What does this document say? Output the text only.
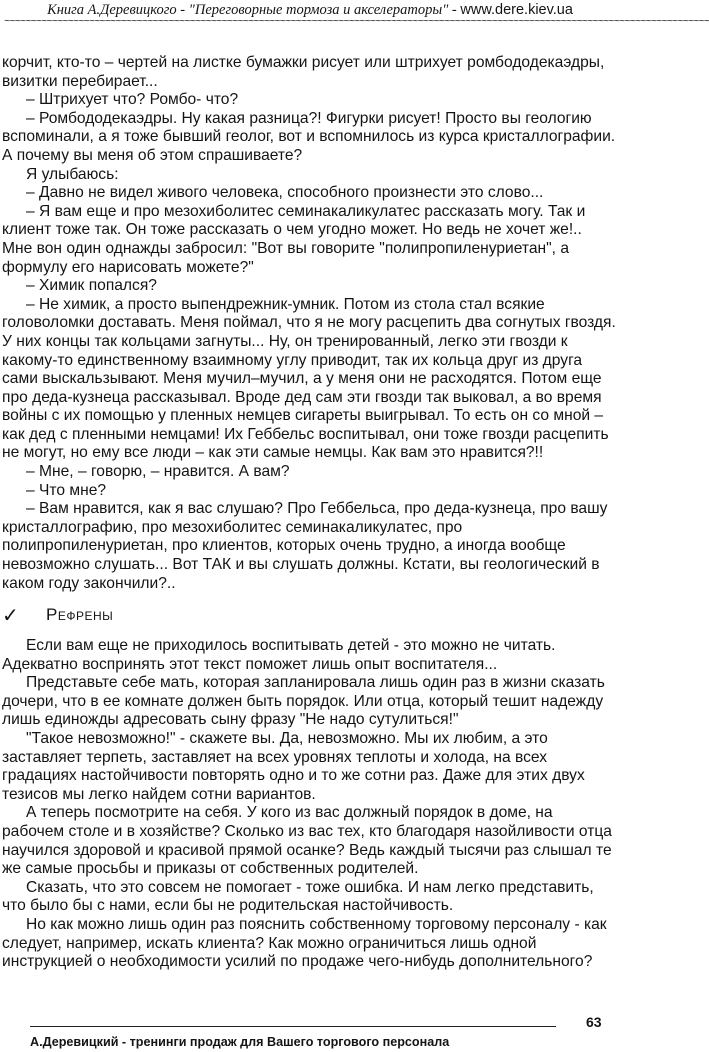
Книга А.Деревицкого - "Переговорные тормоза и акселераторы" - www.dere.kiev.ua
~~~~~~~~~~~~~~~~~~~~~~~~~~~~~~~~~~~~~~~~~~~~~~~~~~~~~~~~~~~~~~~~~~~~~~~~~~~~~~~~~~~~~~~~~~~~~~~~~~~~~~~~~~~~~~~~~~~~~~~~~~~~~~~~~~~~~

корчит, кто-то – чертей на листке бумажки рисует или штрихует ромбододекаэдры, визитки перебирает...

– Штрихует что? Ромбо- что?

– Ромбододекаэдры. Ну какая разница?! Фигурки рисует! Просто вы геологию вспоминали, а я тоже бывший геолог, вот и вспомнилось из курса кристаллографии. А почему вы меня об этом спрашиваете?

Я улыбаюсь:

– Давно не видел живого человека, способного произнести это слово...

– Я вам еще и про мезохиболитес семинакаликулатес рассказать могу. Так и клиент тоже так. Он тоже рассказать о чем угодно может. Но ведь не хочет же!.. Мне вон один однажды забросил: "Вот вы говорите "полипропиленуриетан", а формулу его нарисовать можете?"

– Химик попался?

– Не химик, а просто выпендрежник-умник. Потом из стола стал всякие головоломки доставать. Меня поймал, что я не могу расцепить два согнутых гвоздя. У них концы так кольцами загнуты... Ну, он тренированный, легко эти гвозди к какому-то единственному взаимному углу приводит, так их кольца друг из друга сами выскальзывают. Меня мучил–мучил, а у меня они не расходятся. Потом еще про деда-кузнеца рассказывал. Вроде дед сам эти гвозди так выковал, а во время войны с их помощью у пленных немцев сигареты выигрывал. То есть он со мной – как дед с пленными немцами! Их Геббельс воспитывал, они тоже гвозди расцепить не могут, но ему все люди – как эти самые немцы. Как вам это нравится?!!

– Мне, – говорю, – нравится. А вам?

– Что мне?

– Вам нравится, как я вас слушаю? Про Геббельса, про деда-кузнеца, про вашу кристаллографию, про мезохиболитес семинакаликулатес, про полипропиленуриетан, про клиентов, которых очень трудно, а иногда вообще невозможно слушать... Вот ТАК и вы слушать должны. Кстати, вы геологический в каком году закончили?..

✓	Рефрены

Если вам еще не приходилось воспитывать детей - это можно не читать. Адекватно воспринять этот текст поможет лишь опыт воспитателя...

Представьте себе мать, которая запланировала лишь один раз в жизни сказать дочери, что в ее комнате должен быть порядок. Или отца, который тешит надежду лишь единожды адресовать сыну фразу "Не надо сутулиться!"

"Такое невозможно!" - скажете вы. Да, невозможно. Мы их любим, а это заставляет терпеть, заставляет на всех уровнях теплоты и холода, на всех градациях настойчивости повторять одно и то же сотни раз. Даже для этих двух тезисов мы легко найдем сотни вариантов.

А теперь посмотрите на себя. У кого из вас должный порядок в доме, на рабочем столе и в хозяйстве? Сколько из вас тех, кто благодаря назойливости отца научился здоровой и красивой прямой осанке? Ведь каждый тысячи раз слышал те же самые просьбы и приказы от собственных родителей.

Сказать, что это совсем не помогает - тоже ошибка. И нам легко представить, что было бы с нами, если бы не родительская настойчивость.

Но как можно лишь один раз пояснить собственному торговому персоналу - как следует, например, искать клиента? Как можно ограничиться лишь одной инструкцией о необходимости усилий по продаже чего-нибудь дополнительного?

63
А.Деревицкий - тренинги продаж для Вашего торгового персонала
